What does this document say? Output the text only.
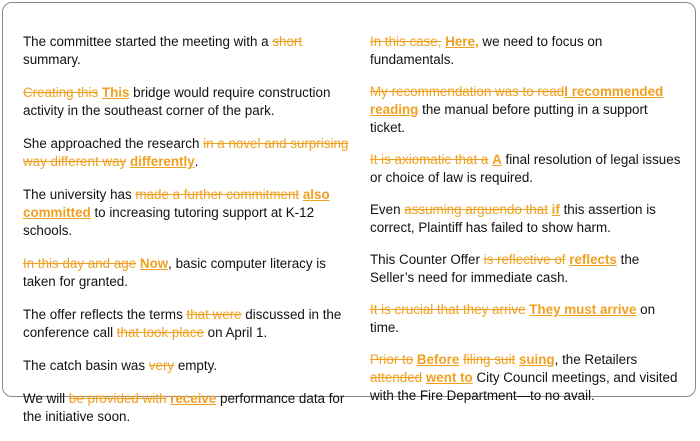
The committee started the meeting with a short summary.

Creating this This bridge would require construction activity in the southeast corner of the park.

She approached the research in a novel and surprising way different way differently.

The university has made a further commitment also committed to increasing tutoring support at K-12 schools.

In this day and age Now, basic computer literacy is taken for granted.

The offer reflects the terms that were discussed in the conference call that took place on April 1.

The catch basin was very empty.

We will be provided with receive performance data for the initiative soon.

In this case, Here, we need to focus on fundamentals.

My recommendation was to readI recommended reading the manual before putting in a support ticket.

It is axiomatic that a A final resolution of legal issues or choice of law is required.

Even assuming arguendo that if this assertion is correct, Plaintiff has failed to show harm.

This Counter Offer is reflective of reflects the Seller’s need for immediate cash.

It is crucial that they arrive They must arrive on time.

Prior to Before filing suit suing, the Retailers attended went to City Council meetings, and visited with the Fire Department—to no avail.
